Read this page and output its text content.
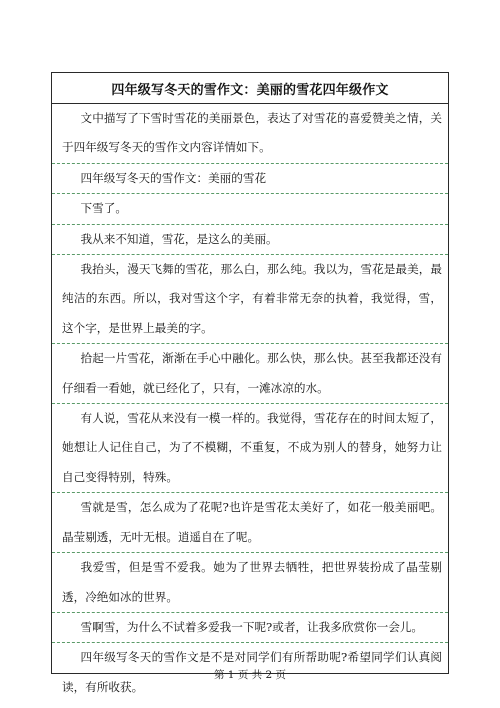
四年级写冬天的雪作文：美丽的雪花四年级作文
文中描写了下雪时雪花的美丽景色，表达了对雪花的喜爱赞美之情，关于四年级写冬天的雪作文内容详情如下。
四年级写冬天的雪作文：美丽的雪花
下雪了。
我从来不知道，雪花，是这么的美丽。
我抬头，漫天飞舞的雪花，那么白，那么纯。我以为，雪花是最美，最纯洁的东西。所以，我对雪这个字，有着非常无奈的执着，我觉得，雪，这个字，是世界上最美的字。
拾起一片雪花，渐渐在手心中融化。那么快，那么快。甚至我都还没有仔细看一看她，就已经化了，只有，一滩冰凉的水。
有人说，雪花从来没有一模一样的。我觉得，雪花存在的时间太短了，她想让人记住自己，为了不模糊，不重复，不成为别人的替身，她努力让自己变得特别，特殊。
雪就是雪，怎么成为了花呢?也许是雪花太美好了，如花一般美丽吧。晶莹剔透，无叶无根。逍遥自在了呢。
我爱雪，但是雪不爱我。她为了世界去牺牲，把世界装扮成了晶莹剔透，冷绝如冰的世界。
雪啊雪，为什么不试着多爱我一下呢?或者，让我多欣赏你一会儿。
四年级写冬天的雪作文是不是对同学们有所帮助呢?希望同学们认真阅读，有所收获。
第 1 页 共 2 页
